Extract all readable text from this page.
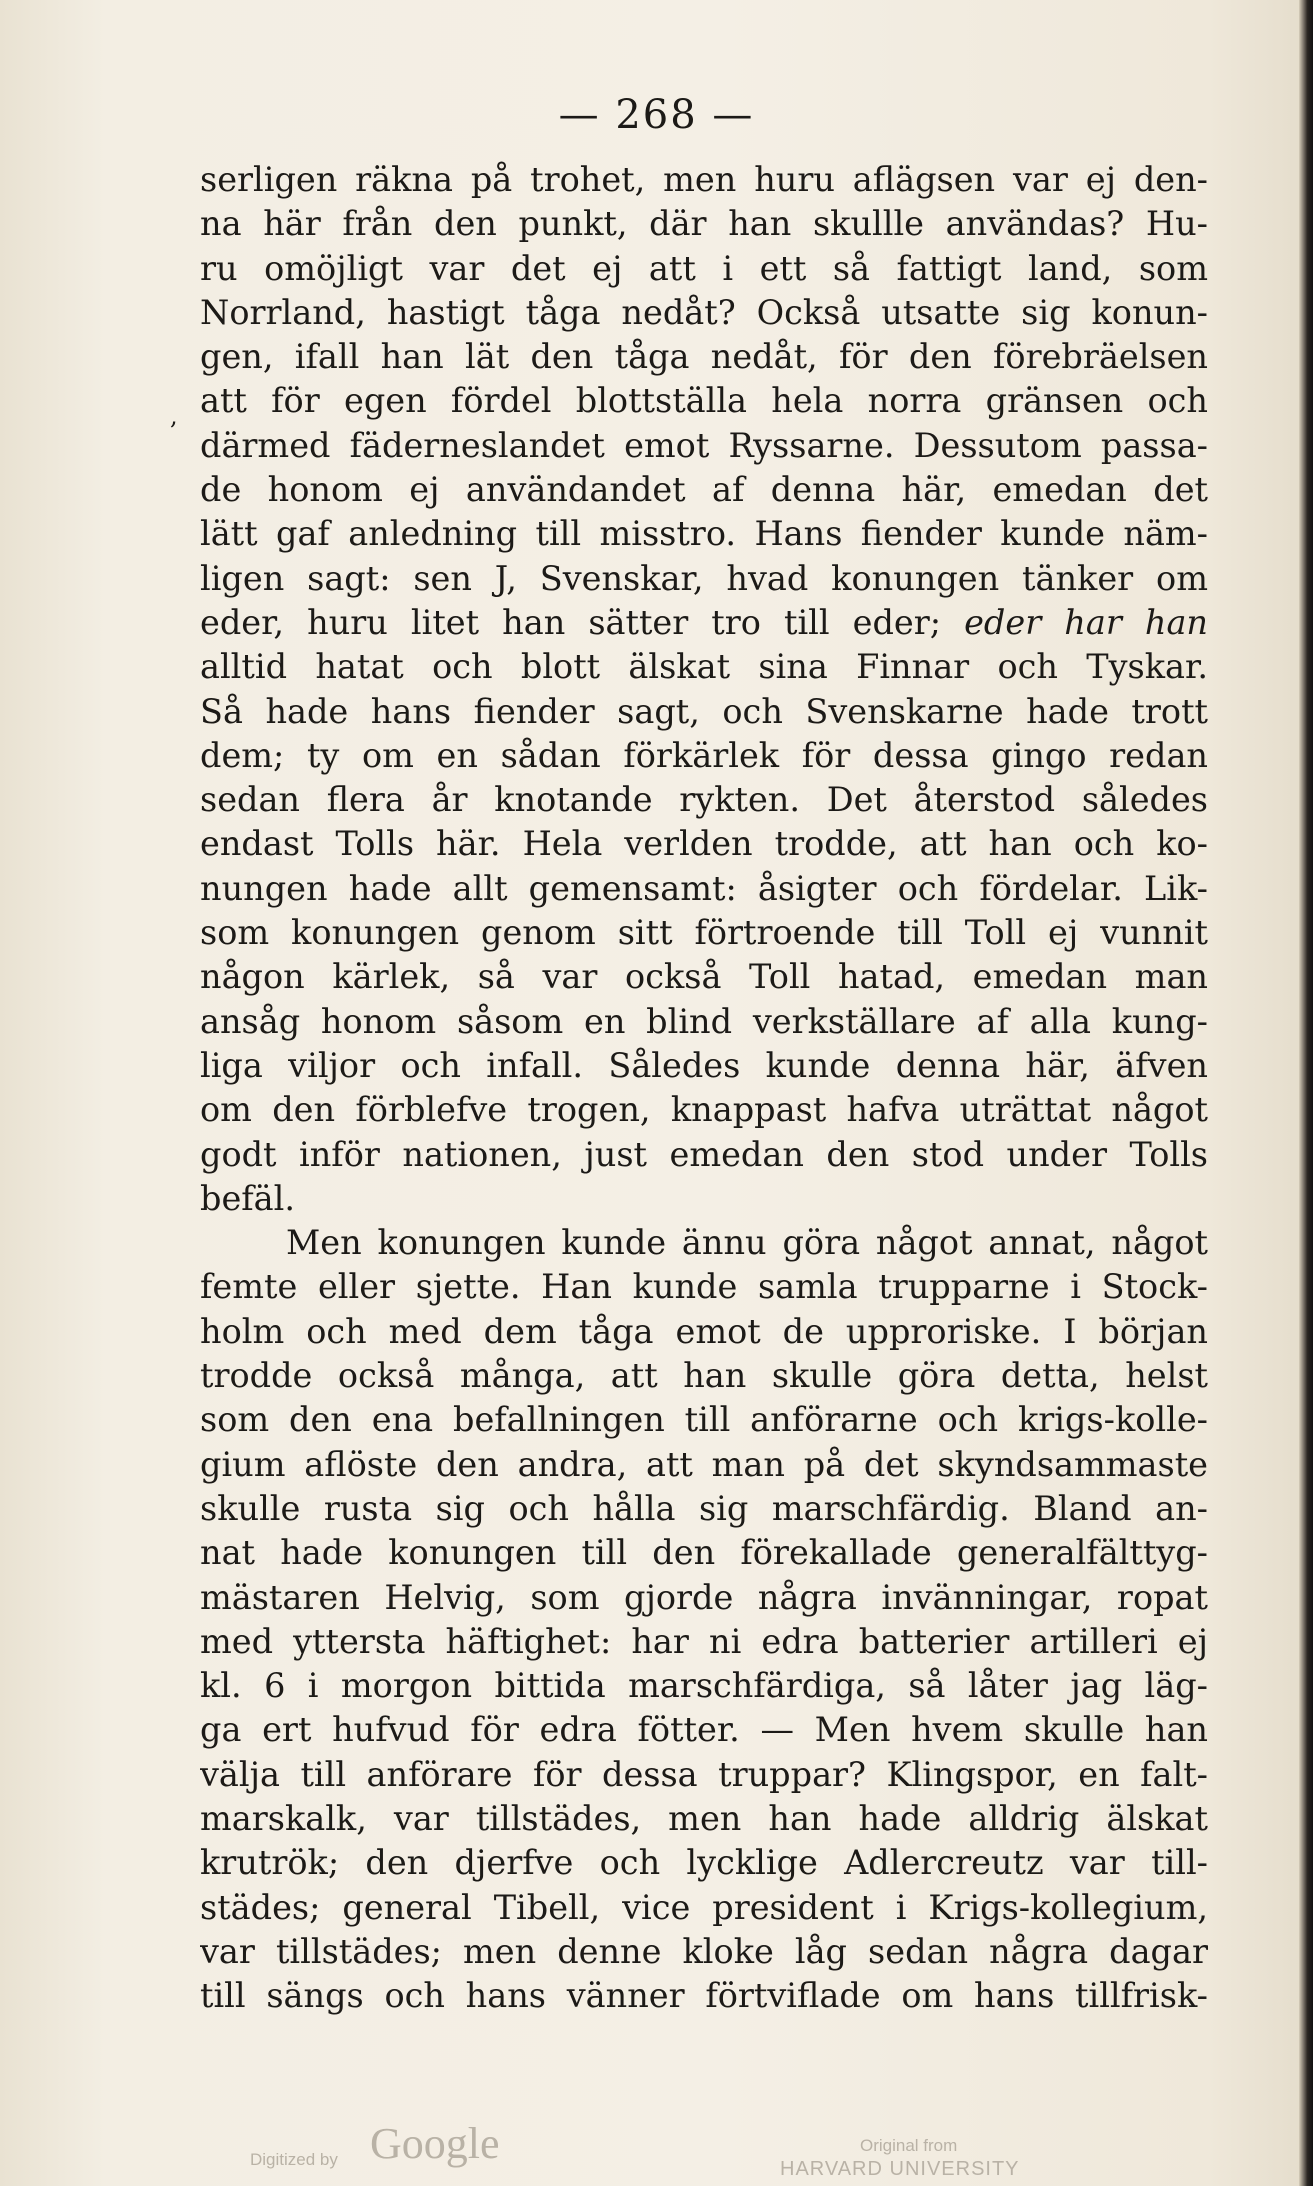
— 268 —
,
serligen räkna på trohet, men huru aflägsen var ej den-
na här från den punkt, där han skullle användas? Hu-
ru omöjligt var det ej att i ett så fattigt land, som
Norrland, hastigt tåga nedåt? Också utsatte sig konun-
gen, ifall han lät den tåga nedåt, för den förebräelsen
att för egen fördel blottställa hela norra gränsen och
därmed fäderneslandet emot Ryssarne. Dessutom passa-
de honom ej användandet af denna här, emedan det
lätt gaf anledning till misstro. Hans fiender kunde näm-
ligen sagt: sen J, Svenskar, hvad konungen tänker om
eder, huru litet han sätter tro till eder; eder har han
alltid hatat och blott älskat sina Finnar och Tyskar.
Så hade hans fiender sagt, och Svenskarne hade trott
dem; ty om en sådan förkärlek för dessa gingo redan
sedan flera år knotande rykten. Det återstod således
endast Tolls här. Hela verlden trodde, att han och ko-
nungen hade allt gemensamt: åsigter och fördelar. Lik-
som konungen genom sitt förtroende till Toll ej vunnit
någon kärlek, så var också Toll hatad, emedan man
ansåg honom såsom en blind verkställare af alla kung-
liga viljor och infall. Således kunde denna här, äfven
om den förblefve trogen, knappast hafva uträttat något
godt inför nationen, just emedan den stod under Tolls
befäl.
Men konungen kunde ännu göra något annat, något
femte eller sjette. Han kunde samla trupparne i Stock-
holm och med dem tåga emot de upproriske. I början
trodde också många, att han skulle göra detta, helst
som den ena befallningen till anförarne och krigs-kolle-
gium aflöste den andra, att man på det skyndsammaste
skulle rusta sig och hålla sig marschfärdig. Bland an-
nat hade konungen till den förekallade generalfälttyg-
mästaren Helvig, som gjorde några invänningar, ropat
med yttersta häftighet: har ni edra batterier artilleri ej
kl. 6 i morgon bittida marschfärdiga, så låter jag läg-
ga ert hufvud för edra fötter. — Men hvem skulle han
välja till anförare för dessa truppar? Klingspor, en falt-
marskalk, var tillstädes, men han hade alldrig älskat
krutrök; den djerfve och lycklige Adlercreutz var till-
städes; general Tibell, vice president i Krigs-kollegium,
var tillstädes; men denne kloke låg sedan några dagar
till sängs och hans vänner förtviflade om hans tillfrisk-
Digitized by Google	Original from
HARVARD UNIVERSITY
